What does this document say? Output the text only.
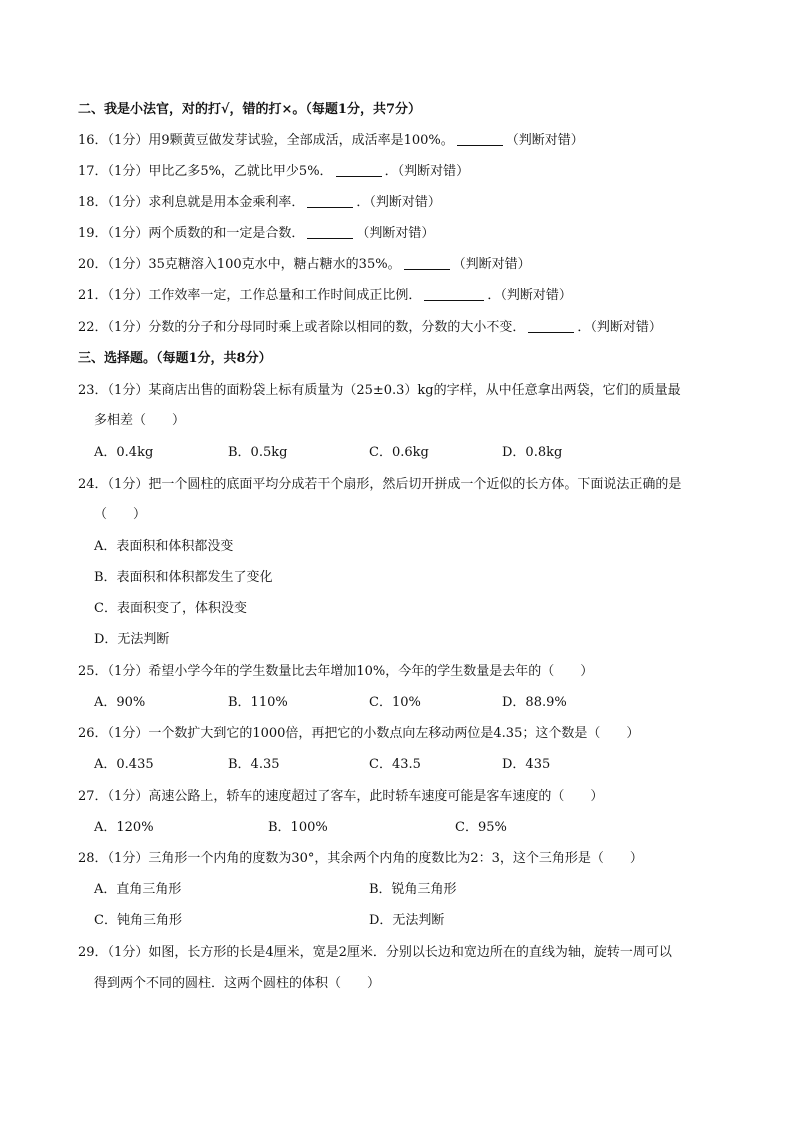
二、我是小法官，对的打√，错的打×。（每题1分，共7分）
16．（1分）用9颗黄豆做发芽试验，全部成活，成活率是100%。	（判断对错）
17．（1分）甲比乙多5%，乙就比甲少5%．	．（判断对错）
18．（1分）求利息就是用本金乘利率．	．（判断对错）
19．（1分）两个质数的和一定是合数．	（判断对错）
20．（1分）35克糖溶入100克水中，糖占糖水的35%。	（判断对错）
21．（1分）工作效率一定，工作总量和工作时间成正比例．	．（判断对错）
22．（1分）分数的分子和分母同时乘上或者除以相同的数，分数的大小不变．	．（判断对错）
三、选择题。（每题1分，共8分）
23．（1分）某商店出售的面粉袋上标有质量为（25±0.3）kg的字样，从中任意拿出两袋，它们的质量最
多相差（　　）
A．0.4kg	B．0.5kg	C．0.6kg	D．0.8kg
24．（1分）把一个圆柱的底面平均分成若干个扇形，然后切开拼成一个近似的长方体。下面说法正确的是
（　　）
A．表面积和体积都没变
B．表面积和体积都发生了变化
C．表面积变了，体积没变
D．无法判断
25．（1分）希望小学今年的学生数量比去年增加10%，今年的学生数量是去年的（　　）
A．90%	B．110%	C．10%	D．88.9%
26．（1分）一个数扩大到它的1000倍，再把它的小数点向左移动两位是4.35；这个数是（　　）
A．0.435	B．4.35	C．43.5	D．435
27．（1分）高速公路上，轿车的速度超过了客车，此时轿车速度可能是客车速度的（　　）
A．120%	B．100%	C．95%
28．（1分）三角形一个内角的度数为30°，其余两个内角的度数比为2：3，这个三角形是（　　）
A．直角三角形	B．锐角三角形
C．钝角三角形	D．无法判断
29．（1分）如图，长方形的长是4厘米，宽是2厘米．分别以长边和宽边所在的直线为轴，旋转一周可以
得到两个不同的圆柱．这两个圆柱的体积（　　）
